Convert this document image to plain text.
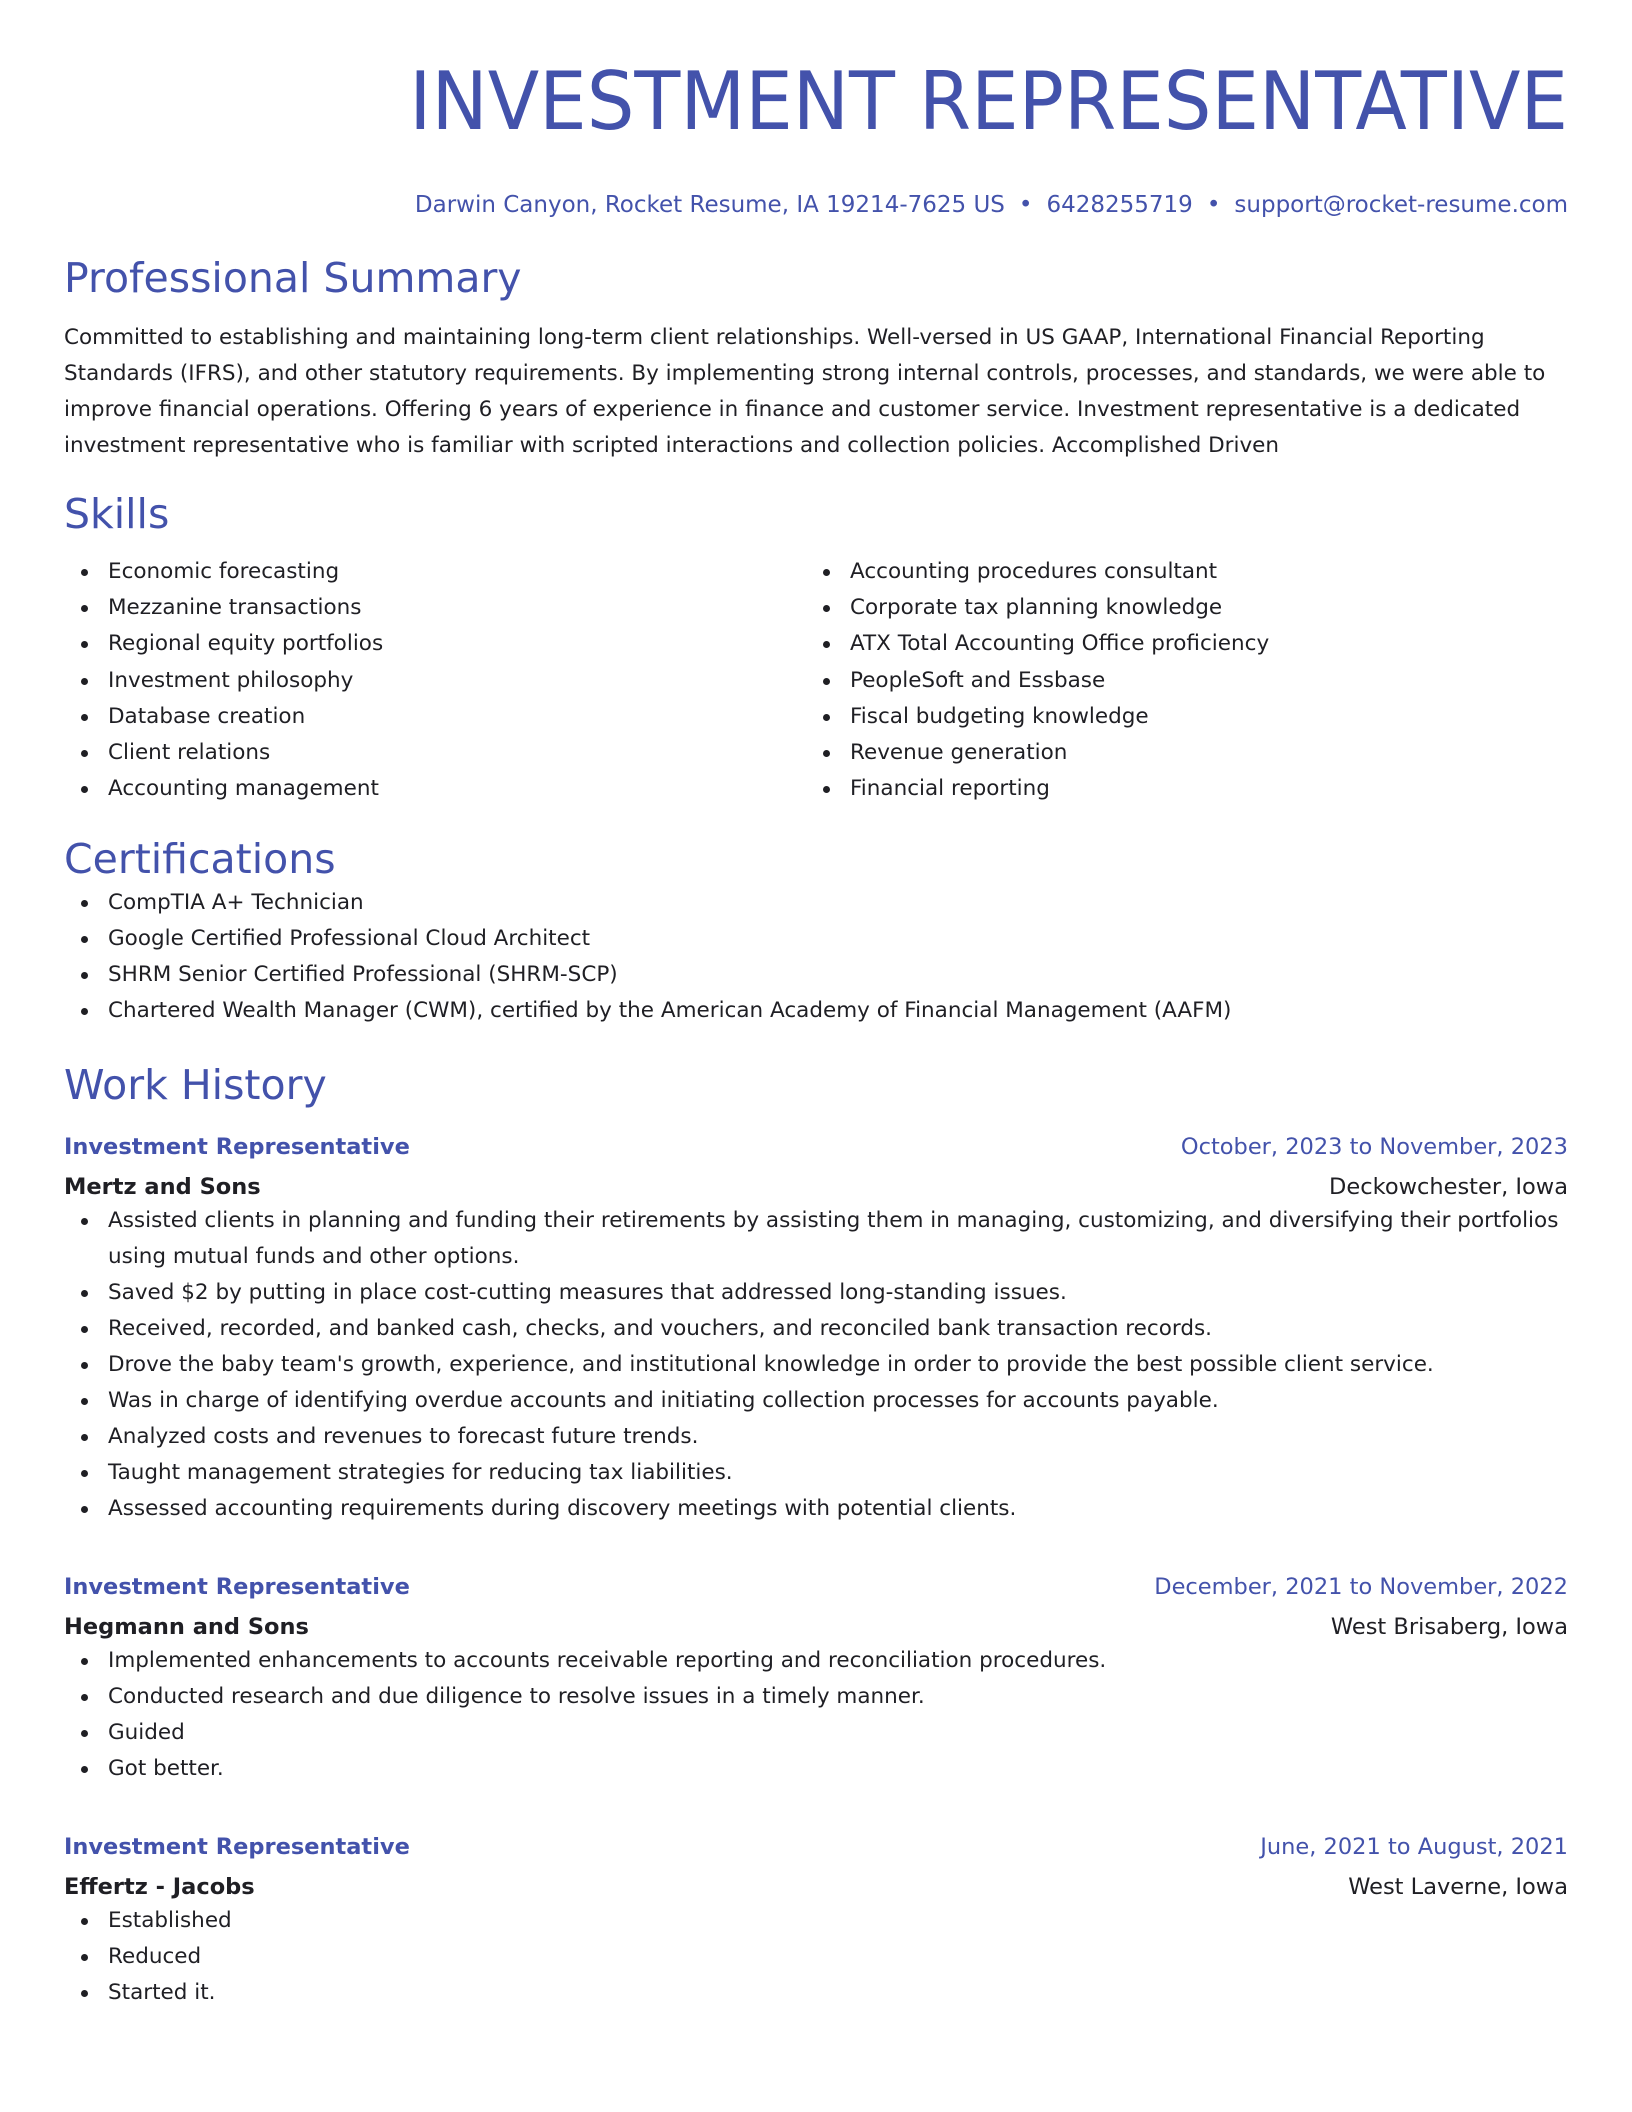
INVESTMENT REPRESENTATIVE
Darwin Canyon, Rocket Resume, IA 19214-7625 US • 6428255719 • support@rocket-resume.com
Professional Summary
Committed to establishing and maintaining long-term client relationships. Well-versed in US GAAP, International Financial Reporting Standards (IFRS), and other statutory requirements. By implementing strong internal controls, processes, and standards, we were able to improve financial operations. Offering 6 years of experience in finance and customer service. Investment representative is a dedicated investment representative who is familiar with scripted interactions and collection policies. Accomplished Driven
Skills
Economic forecasting
Mezzanine transactions
Regional equity portfolios
Investment philosophy
Database creation
Client relations
Accounting management
Accounting procedures consultant
Corporate tax planning knowledge
ATX Total Accounting Office proficiency
PeopleSoft and Essbase
Fiscal budgeting knowledge
Revenue generation
Financial reporting
Certifications
CompTIA A+ Technician
Google Certified Professional Cloud Architect
SHRM Senior Certified Professional (SHRM-SCP)
Chartered Wealth Manager (CWM), certified by the American Academy of Financial Management (AAFM)
Work History
Investment Representative	October, 2023 to November, 2023
Mertz and Sons	Deckowchester, Iowa
Assisted clients in planning and funding their retirements by assisting them in managing, customizing, and diversifying their portfolios using mutual funds and other options.
Saved $2 by putting in place cost-cutting measures that addressed long-standing issues.
Received, recorded, and banked cash, checks, and vouchers, and reconciled bank transaction records.
Drove the baby team's growth, experience, and institutional knowledge in order to provide the best possible client service.
Was in charge of identifying overdue accounts and initiating collection processes for accounts payable.
Analyzed costs and revenues to forecast future trends.
Taught management strategies for reducing tax liabilities.
Assessed accounting requirements during discovery meetings with potential clients.
Investment Representative	December, 2021 to November, 2022
Hegmann and Sons	West Brisaberg, Iowa
Implemented enhancements to accounts receivable reporting and reconciliation procedures.
Conducted research and due diligence to resolve issues in a timely manner.
Guided
Got better.
Investment Representative	June, 2021 to August, 2021
Effertz - Jacobs	West Laverne, Iowa
Established
Reduced
Started it.
